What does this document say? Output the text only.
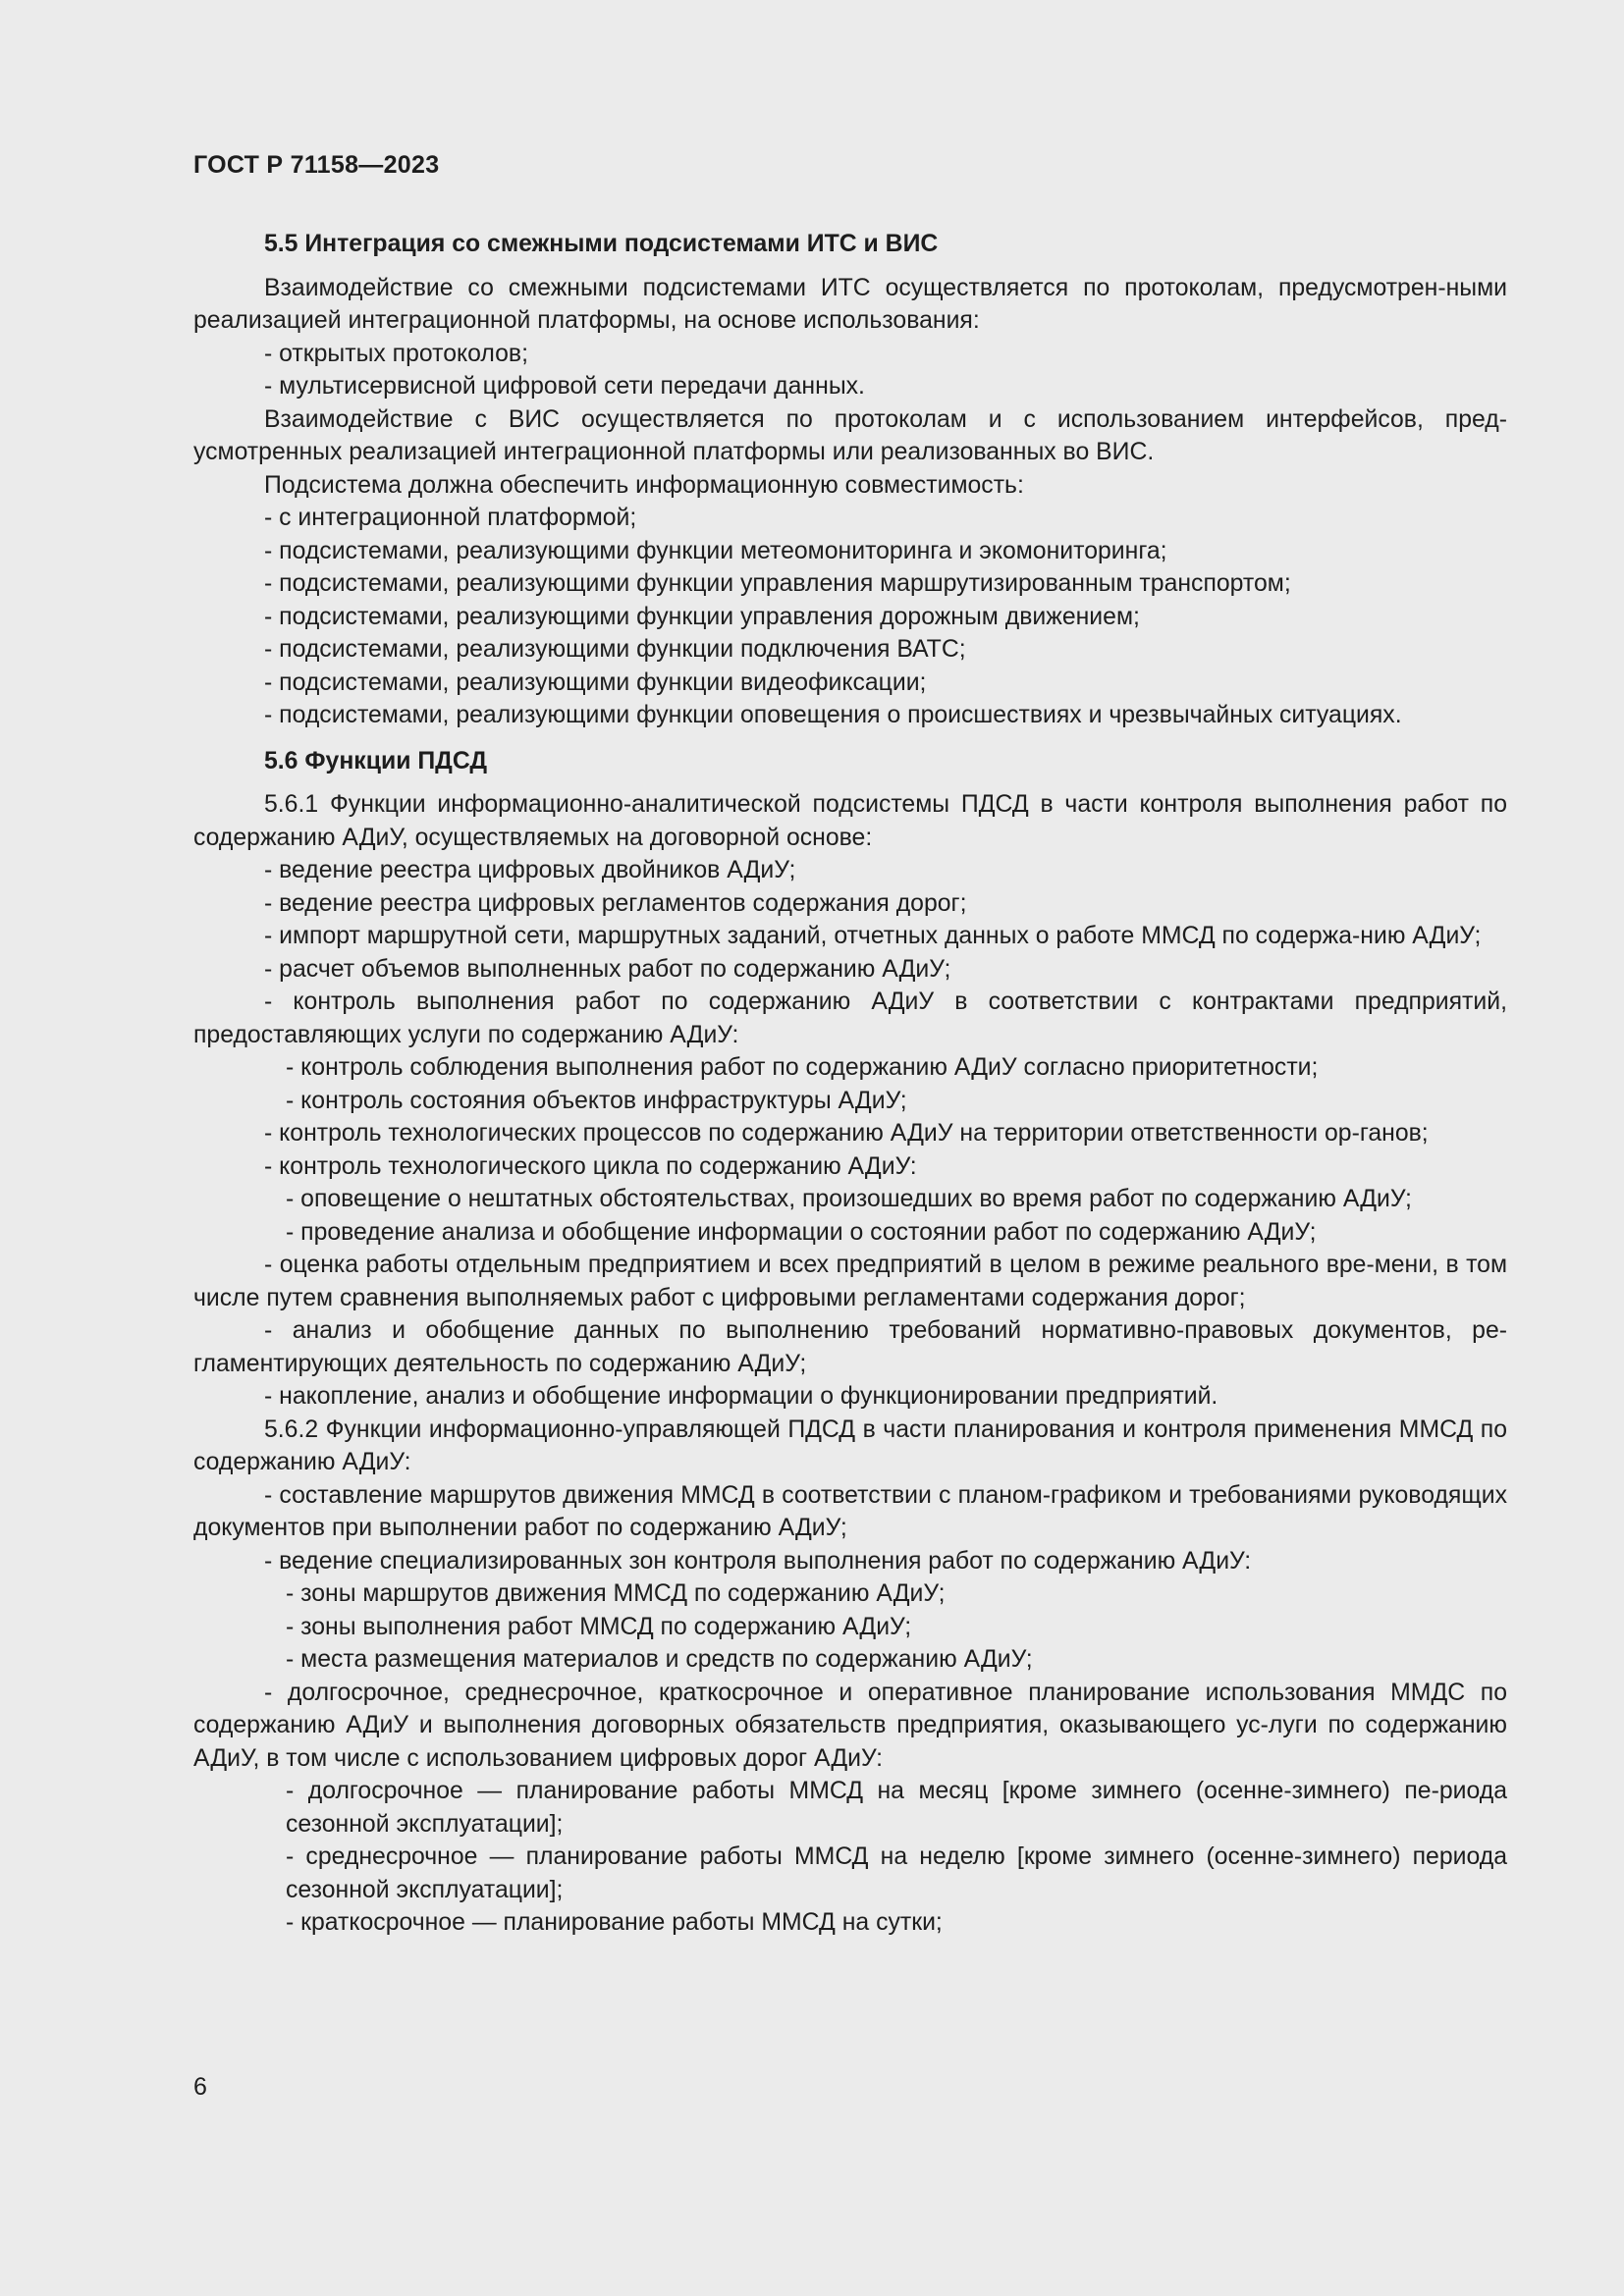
ГОСТ Р 71158—2023
5.5 Интеграция со смежными подсистемами ИТС и ВИС

Взаимодействие со смежными подсистемами ИТС осуществляется по протоколам, предусмотрен-ными реализацией интеграционной платформы, на основе использования:

- открытых протоколов;

- мультисервисной цифровой сети передачи данных.

Взаимодействие с ВИС осуществляется по протоколам и с использованием интерфейсов, пред-усмотренных реализацией интеграционной платформы или реализованных во ВИС.

Подсистема должна обеспечить информационную совместимость:

- с интеграционной платформой;

- подсистемами, реализующими функции метеомониторинга и экомониторинга;

- подсистемами, реализующими функции управления маршрутизированным транспортом;

- подсистемами, реализующими функции управления дорожным движением;

- подсистемами, реализующими функции подключения ВАТС;

- подсистемами, реализующими функции видеофиксации;

- подсистемами, реализующими функции оповещения о происшествиях и чрезвычайных ситуациях.

5.6 Функции ПДСД

5.6.1 Функции информационно-аналитической подсистемы ПДСД в части контроля выполнения работ по содержанию АДиУ, осуществляемых на договорной основе:

- ведение реестра цифровых двойников АДиУ;

- ведение реестра цифровых регламентов содержания дорог;

- импорт маршрутной сети, маршрутных заданий, отчетных данных о работе ММСД по содержа-нию АДиУ;

- расчет объемов выполненных работ по содержанию АДиУ;

- контроль выполнения работ по содержанию АДиУ в соответствии с контрактами предприятий, предоставляющих услуги по содержанию АДиУ:

- контроль соблюдения выполнения работ по содержанию АДиУ согласно приоритетности;

- контроль состояния объектов инфраструктуры АДиУ;

- контроль технологических процессов по содержанию АДиУ на территории ответственности ор-ганов;

- контроль технологического цикла по содержанию АДиУ:

- оповещение о нештатных обстоятельствах, произошедших во время работ по содержанию АДиУ;

- проведение анализа и обобщение информации о состоянии работ по содержанию АДиУ;

- оценка работы отдельным предприятием и всех предприятий в целом в режиме реального вре-мени, в том числе путем сравнения выполняемых работ с цифровыми регламентами содержания дорог;

- анализ и обобщение данных по выполнению требований нормативно-правовых документов, ре-гламентирующих деятельность по содержанию АДиУ;

- накопление, анализ и обобщение информации о функционировании предприятий.

5.6.2 Функции информационно-управляющей ПДСД в части планирования и контроля применения ММСД по содержанию АДиУ:

- составление маршрутов движения ММСД в соответствии с планом-графиком и требованиями руководящих документов при выполнении работ по содержанию АДиУ;

- ведение специализированных зон контроля выполнения работ по содержанию АДиУ:

- зоны маршрутов движения ММСД по содержанию АДиУ;

- зоны выполнения работ ММСД по содержанию АДиУ;

- места размещения материалов и средств по содержанию АДиУ;

- долгосрочное, среднесрочное, краткосрочное и оперативное планирование использования ММДС по содержанию АДиУ и выполнения договорных обязательств предприятия, оказывающего ус-луги по содержанию АДиУ, в том числе с использованием цифровых дорог АДиУ:

- долгосрочное — планирование работы ММСД на месяц [кроме зимнего (осенне-зимнего) пе-риода сезонной эксплуатации];

- среднесрочное — планирование работы ММСД на неделю [кроме зимнего (осенне-зимнего) периода сезонной эксплуатации];

- краткосрочное — планирование работы ММСД на сутки;

6
